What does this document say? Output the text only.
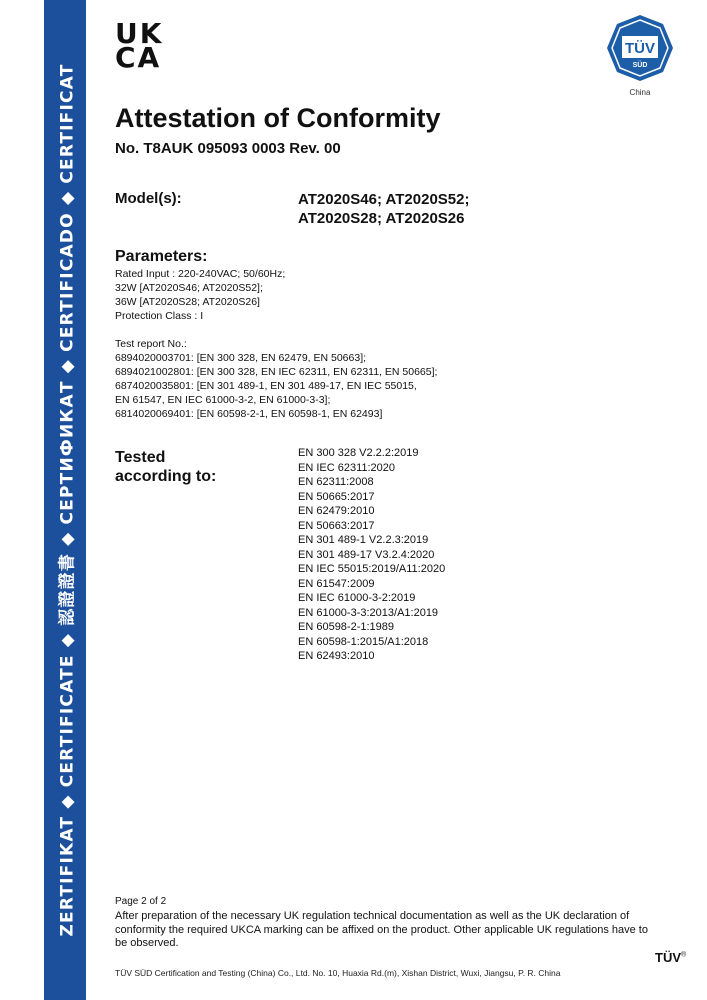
ZERTIFIKAT ◆ CERTIFICATE ◆ 認證證書 ◆ СЕРТИФИКАТ ◆ CERTIFICADO ◆ CERTIFICAT
UK
CA	TÜV
SÜD
China
Attestation of Conformity
No. T8AUK 095093 0003 Rev. 00
Model(s):	AT2020S46; AT2020S52;
AT2020S28; AT2020S26
Parameters:
Rated Input : 220-240VAC; 50/60Hz;
32W [AT2020S46; AT2020S52];
36W [AT2020S28; AT2020S26]
Protection Class : I
Test report No.:
6894020003701: [EN 300 328, EN 62479, EN 50663];
6894021002801: [EN 300 328, EN IEC 62311, EN 62311, EN 50665];
6874020035801: [EN 301 489-1, EN 301 489-17, EN IEC 55015,
EN 61547, EN IEC 61000-3-2, EN 61000-3-3];
6814020069401: [EN 60598-2-1, EN 60598-1, EN 62493]
Tested
according to:
EN 300 328 V2.2.2:2019
EN IEC 62311:2020
EN 62311:2008
EN 50665:2017
EN 62479:2010
EN 50663:2017
EN 301 489-1 V2.2.3:2019
EN 301 489-17 V3.2.4:2020
EN IEC 55015:2019/A11:2020
EN 61547:2009
EN IEC 61000-3-2:2019
EN 61000-3-3:2013/A1:2019
EN 60598-2-1:1989
EN 60598-1:2015/A1:2018
EN 62493:2010
Page 2 of 2
After preparation of the necessary UK regulation technical documentation as well as the UK declaration of conformity the required UKCA marking can be affixed on the product. Other applicable UK regulations have to be observed.
TÜV®
TÜV SÜD Certification and Testing (China) Co., Ltd. No. 10, Huaxia Rd.(m), Xishan District, Wuxi, Jiangsu, P. R. China
